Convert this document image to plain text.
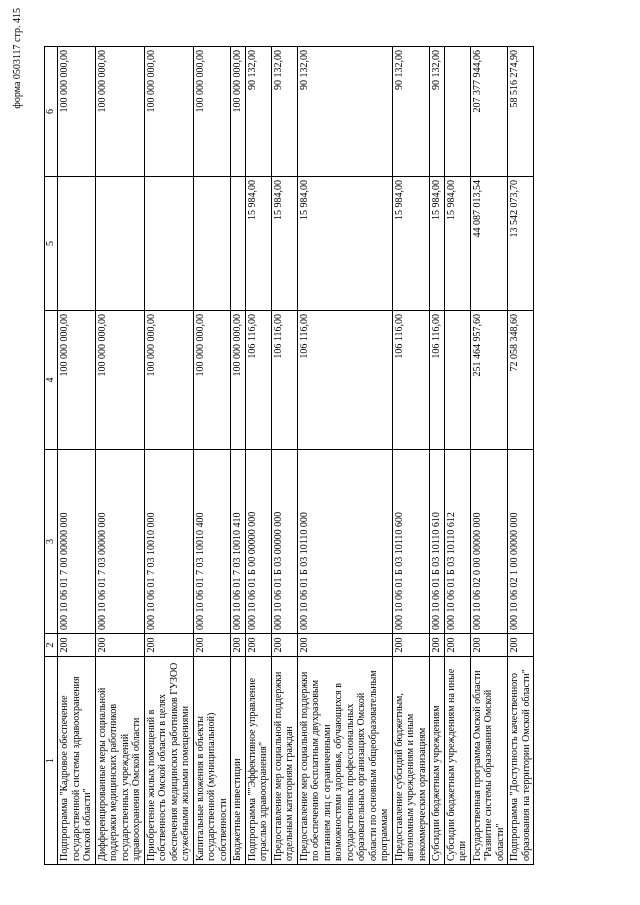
форма 0503117 стр. 415
1	2	3	4	5	6
Подпрограмма "Кадровое обеспечение государственной системы здравоохранения Омской области"	200	000 10 06 01 7 00 00000 000	100 000 000,00		100 000 000,00
Дифференцированные меры социальной поддержки медицинских работников государственных учреждений здравоохранения Омской области	200	000 10 06 01 7 03 00000 000	100 000 000,00		100 000 000,00
Приобретение жилых помещений в собственность Омской области в целях обеспечения медицинских работников ГУЗОО служебными жилыми помещениями	200	000 10 06 01 7 03 10010 000	100 000 000,00		100 000 000,00
Капитальные вложения в объекты государственной (муниципальной) собственности	200	000 10 06 01 7 03 10010 400	100 000 000,00		100 000 000,00
Бюджетные инвестиции	200	000 10 06 01 7 03 10010 410	100 000 000,00		100 000 000,00
Подпрограмма ""Эффективное управление отраслью здравоохранения"	200	000 10 06 01 Б 00 00000 000	106 116,00	15 984,00	90 132,00
Предоставление мер социальной поддержки отдельным категориям граждан	200	000 10 06 01 Б 03 00000 000	106 116,00	15 984,00	90 132,00
Предоставление мер социальной поддержки по обеспечению бесплатным двухразовым питанием лиц с ограниченными возможностями здоровья, обучающихся в государственных профессиональных образовательных организациях Омской области по основным общеобразовательным программам	200	000 10 06 01 Б 03 10110 000	106 116,00	15 984,00	90 132,00
Предоставление субсидий бюджетным, автономным учреждениям и иным некоммерческим организациям	200	000 10 06 01 Б 03 10110 600	106 116,00	15 984,00	90 132,00
Субсидии бюджетным учреждениям	200	000 10 06 01 Б 03 10110 610	106 116,00	15 984,00	90 132,00
Субсидии бюджетным учреждениям на иные цели	200	000 10 06 01 Б 03 10110 612		15 984,00	
Государственная программа Омской области "Развитие системы образования Омской области"	200	000 10 06 02 0 00 00000 000	251 464 957,60	44 087 013,54	207 377 944,06
Подпрограмма "Доступность качественного образования на территории Омской области"	200	000 10 06 02 1 00 00000 000	72 058 348,60	13 542 073,70	58 516 274,90
